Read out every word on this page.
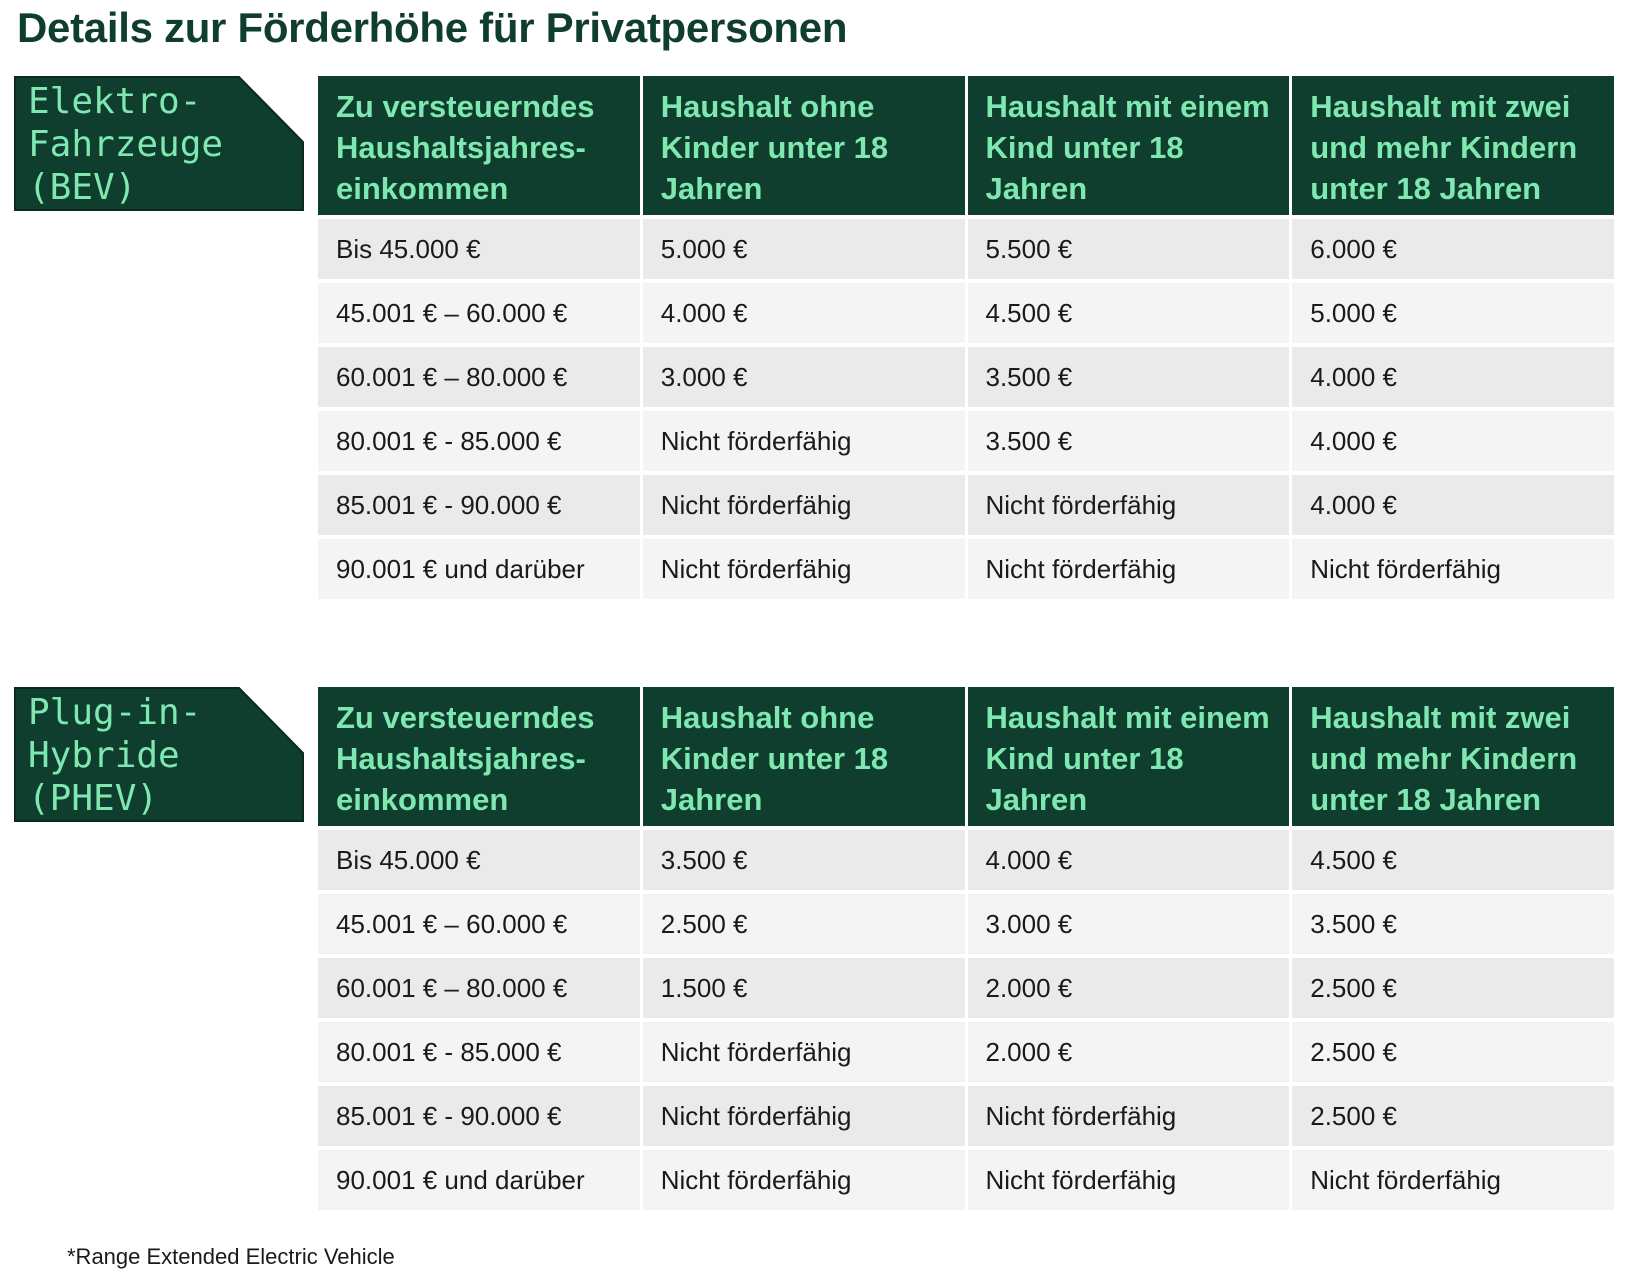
Details zur Förderhöhe für Privatpersonen
Elektro-
Fahrzeuge
(BEV)
Zu versteuerndes Haushaltsjahres-einkommen	Haushalt ohne Kinder unter 18 Jahren	Haushalt mit einem Kind unter 18 Jahren	Haushalt mit zwei und mehr Kindern unter 18 Jahren
Bis 45.000 €	5.000 €	5.500 €	6.000 €
45.001 € – 60.000 €	4.000 €	4.500 €	5.000 €
60.001 € – 80.000 €	3.000 €	3.500 €	4.000 €
80.001 € - 85.000 €	Nicht förderfähig	3.500 €	4.000 €
85.001 € - 90.000 €	Nicht förderfähig	Nicht förderfähig	4.000 €
90.001 € und darüber	Nicht förderfähig	Nicht förderfähig	Nicht förderfähig
Plug-in-
Hybride
(PHEV)
Zu versteuerndes Haushaltsjahres-einkommen	Haushalt ohne Kinder unter 18 Jahren	Haushalt mit einem Kind unter 18 Jahren	Haushalt mit zwei und mehr Kindern unter 18 Jahren
Bis 45.000 €	3.500 €	4.000 €	4.500 €
45.001 € – 60.000 €	2.500 €	3.000 €	3.500 €
60.001 € – 80.000 €	1.500 €	2.000 €	2.500 €
80.001 € - 85.000 €	Nicht förderfähig	2.000 €	2.500 €
85.001 € - 90.000 €	Nicht förderfähig	Nicht förderfähig	2.500 €
90.001 € und darüber	Nicht förderfähig	Nicht förderfähig	Nicht förderfähig
*Range Extended Electric Vehicle
